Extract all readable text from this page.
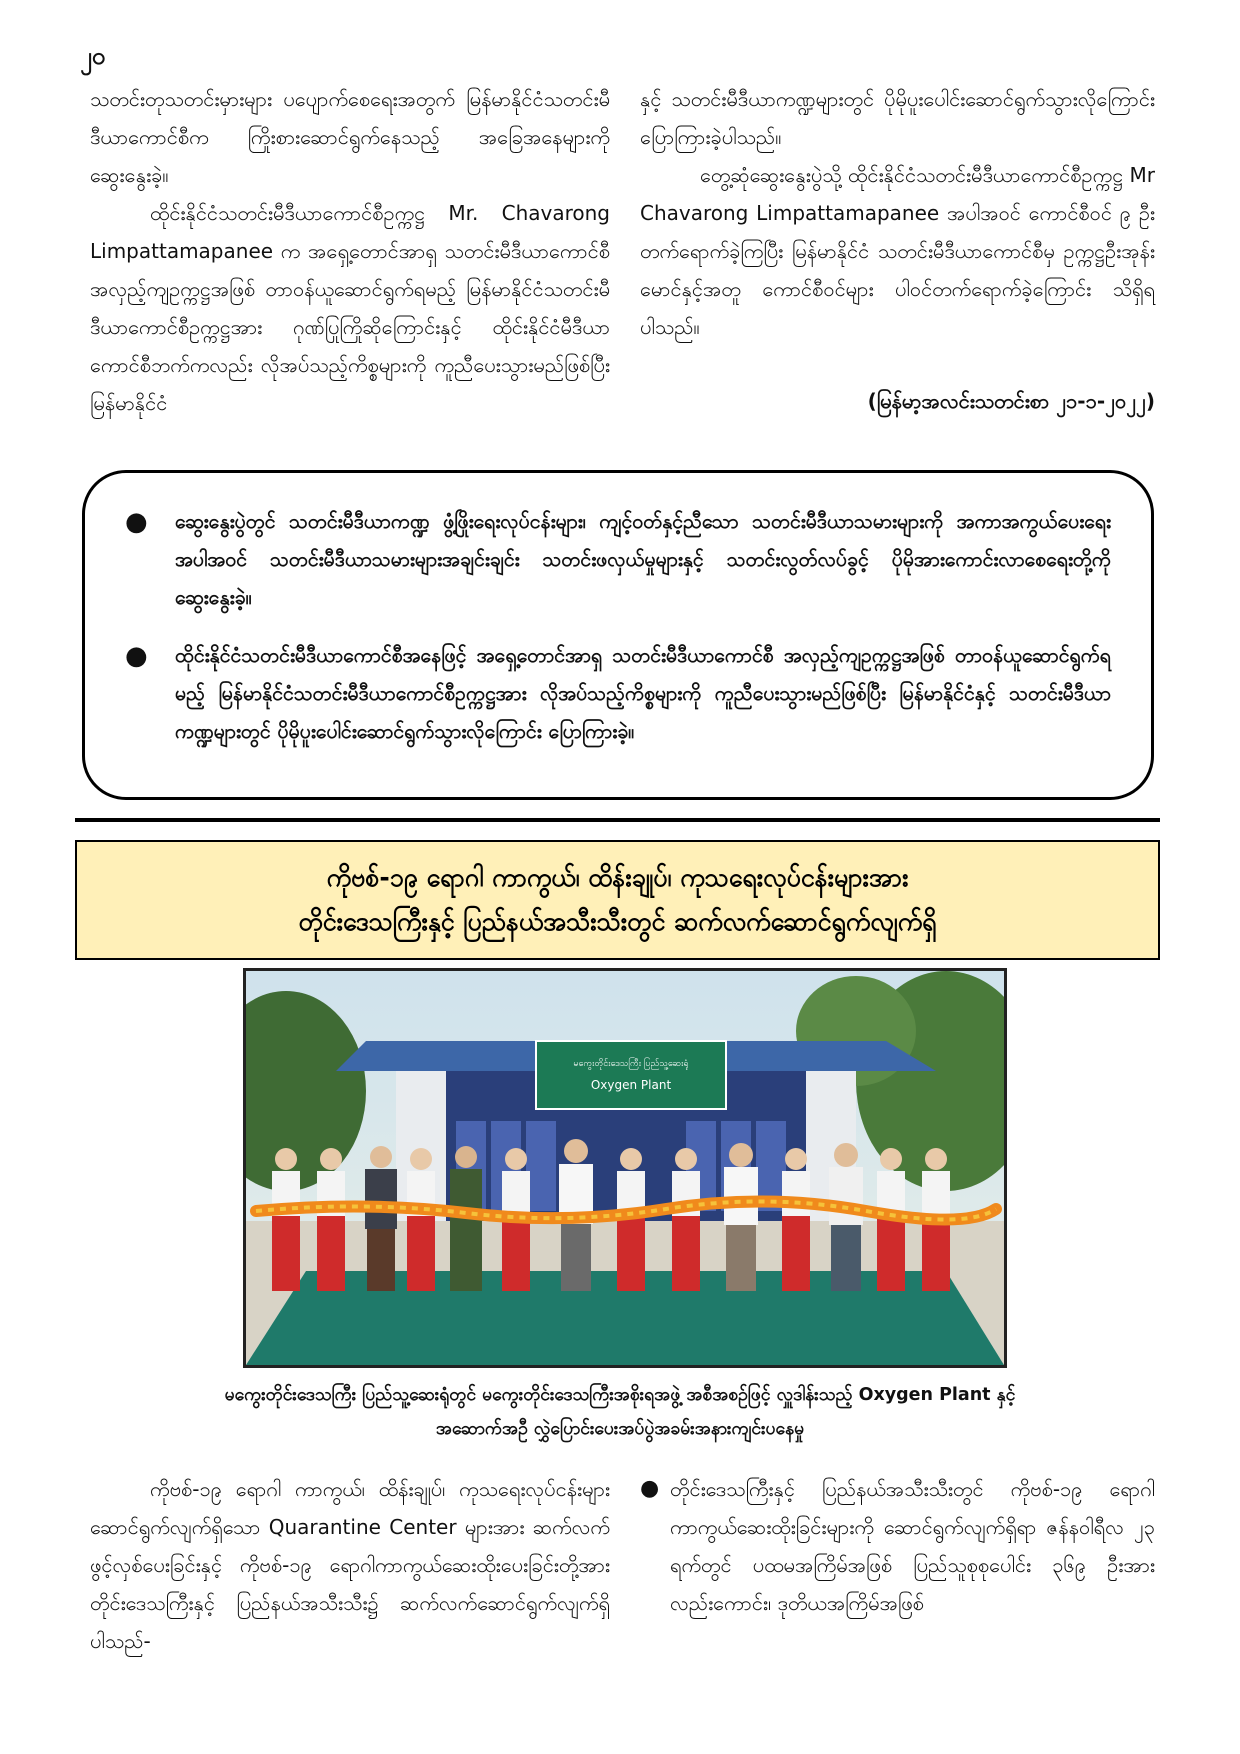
၂၀

သတင်းတုသတင်းမှားများ ပပျောက်စေရေးအတွက် မြန်မာနိုင်ငံသတင်းမီဒီယာကောင်စီက ကြိုးစားဆောင်ရွက်နေသည့် အခြေအနေများကို ဆွေးနွေးခဲ့။

ထိုင်းနိုင်ငံသတင်းမီဒီယာကောင်စီဥက္ကဋ္ဌ Mr. Chavarong Limpattamapanee က အရှေ့တောင်အာရှ သတင်းမီဒီယာကောင်စီအလှည့်ကျဥက္ကဋ္ဌအဖြစ် တာဝန်ယူဆောင်ရွက်ရမည့် မြန်မာနိုင်ငံသတင်းမီဒီယာကောင်စီဥက္ကဋ္ဌအား ဂုဏ်ပြုကြိုဆိုကြောင်းနှင့် ထိုင်းနိုင်ငံမီဒီယာကောင်စီဘက်ကလည်း လိုအပ်သည့်ကိစ္စများကို ကူညီပေးသွားမည်ဖြစ်ပြီး မြန်မာနိုင်ငံ

နှင့် သတင်းမီဒီယာကဏ္ဍများတွင် ပိုမိုပူးပေါင်းဆောင်ရွက်သွားလိုကြောင်း ပြောကြားခဲ့ပါသည်။

တွေ့ဆုံဆွေးနွေးပွဲသို့ ထိုင်းနိုင်ငံသတင်းမီဒီယာကောင်စီဥက္ကဋ္ဌ Mr Chavarong Limpattamapanee အပါအဝင် ကောင်စီဝင် ၉ ဦး တက်ရောက်ခဲ့ကြပြီး မြန်မာနိုင်ငံ သတင်းမီဒီယာကောင်စီမှ ဥက္ကဋ္ဌဦးအုန်းမောင်နှင့်အတူ ကောင်စီဝင်များ ပါဝင်တက်ရောက်ခဲ့ကြောင်း သိရှိရပါသည်။

(မြန်မာ့အလင်းသတင်းစာ ၂၁-၁-၂၀၂၂)

● ဆွေးနွေးပွဲတွင် သတင်းမီဒီယာကဏ္ဍ ဖွံ့ဖြိုးရေးလုပ်ငန်းများ၊ ကျင့်ဝတ်နှင့်ညီသော သတင်းမီဒီယာသမားများကို အကာအကွယ်ပေးရေးအပါအဝင် သတင်းမီဒီယာသမားများအချင်းချင်း သတင်းဖလှယ်မှုများနှင့် သတင်းလွတ်လပ်ခွင့် ပိုမိုအားကောင်းလာစေရေးတို့ကို ဆွေးနွေးခဲ့။
● ထိုင်းနိုင်ငံသတင်းမီဒီယာကောင်စီအနေဖြင့် အရှေ့တောင်အာရှ သတင်းမီဒီယာကောင်စီ အလှည့်ကျဥက္ကဋ္ဌအဖြစ် တာဝန်ယူဆောင်ရွက်ရမည့် မြန်မာနိုင်ငံသတင်းမီဒီယာကောင်စီဥက္ကဋ္ဌအား လိုအပ်သည့်ကိစ္စများကို ကူညီပေးသွားမည်ဖြစ်ပြီး မြန်မာနိုင်ငံနှင့် သတင်းမီဒီယာကဏ္ဍများတွင် ပိုမိုပူးပေါင်းဆောင်ရွက်သွားလိုကြောင်း ပြောကြားခဲ့။
ကိုဗစ်-၁၉ ရောဂါ ကာကွယ်၊ ထိန်းချုပ်၊ ကုသရေးလုပ်ငန်းများအား
တိုင်းဒေသကြီးနှင့် ပြည်နယ်အသီးသီးတွင် ဆက်လက်ဆောင်ရွက်လျက်ရှိ
မကွေးတိုင်းဒေသကြီး ပြည်သူ့ဆေးရုံ
Oxygen Plant
မကွေးတိုင်းဒေသကြီး ပြည်သူ့ဆေးရုံတွင် မကွေးတိုင်းဒေသကြီးအစိုးရအဖွဲ့ အစီအစဉ်ဖြင့် လှူဒါန်းသည့် Oxygen Plant နှင့်
အဆောက်အဦ လွှဲပြောင်းပေးအပ်ပွဲအခမ်းအနားကျင်းပနေမှု

ကိုဗစ်-၁၉ ရောဂါ ကာကွယ်၊ ထိန်းချုပ်၊ ကုသရေးလုပ်ငန်းများဆောင်ရွက်လျက်ရှိသော Quarantine Center များအား ဆက်လက်ဖွင့်လှစ်ပေးခြင်းနှင့် ကိုဗစ်-၁၉ ရောဂါကာကွယ်ဆေးထိုးပေးခြင်းတို့အား တိုင်းဒေသကြီးနှင့် ပြည်နယ်အသီးသီး၌ ဆက်လက်ဆောင်ရွက်လျက်ရှိပါသည်-

● တိုင်းဒေသကြီးနှင့် ပြည်နယ်အသီးသီးတွင် ကိုဗစ်-၁၉ ရောဂါ ကာကွယ်ဆေးထိုးခြင်းများကို ဆောင်ရွက်လျက်ရှိရာ ဇန်နဝါရီလ ၂၃ ရက်တွင် ပထမအကြိမ်အဖြစ် ပြည်သူစုစုပေါင်း ၃၆၉ ဦးအားလည်းကောင်း၊ ဒုတိယအကြိမ်အဖြစ်
